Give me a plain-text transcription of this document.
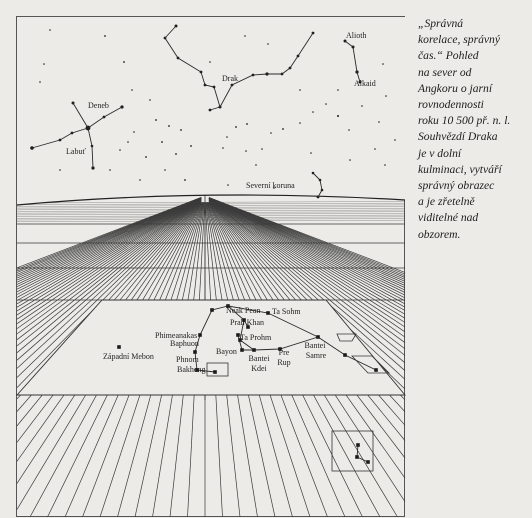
Deneb
Labuť
Drak
Alioth
Alkaid
Severní koruna
Neak Pean Ta Sohm
Prah Khan
Phimeanakas
Baphuon
Ta Prohm
Západní Mebon
Bayon
Phnom
Bakheng
Bantei
Kdei
Pre
Rup
Bantei
Samre
„Správná
korelace, správný
čas.“ Pohled
na sever od
Angkoru o jarní
rovnodennosti
roku 10 500 př. n. l.
Souhvězdí Draka
je v dolní
kulminaci, vytváří
správný obrazec
a je zřetelně
viditelné nad
obzorem.
